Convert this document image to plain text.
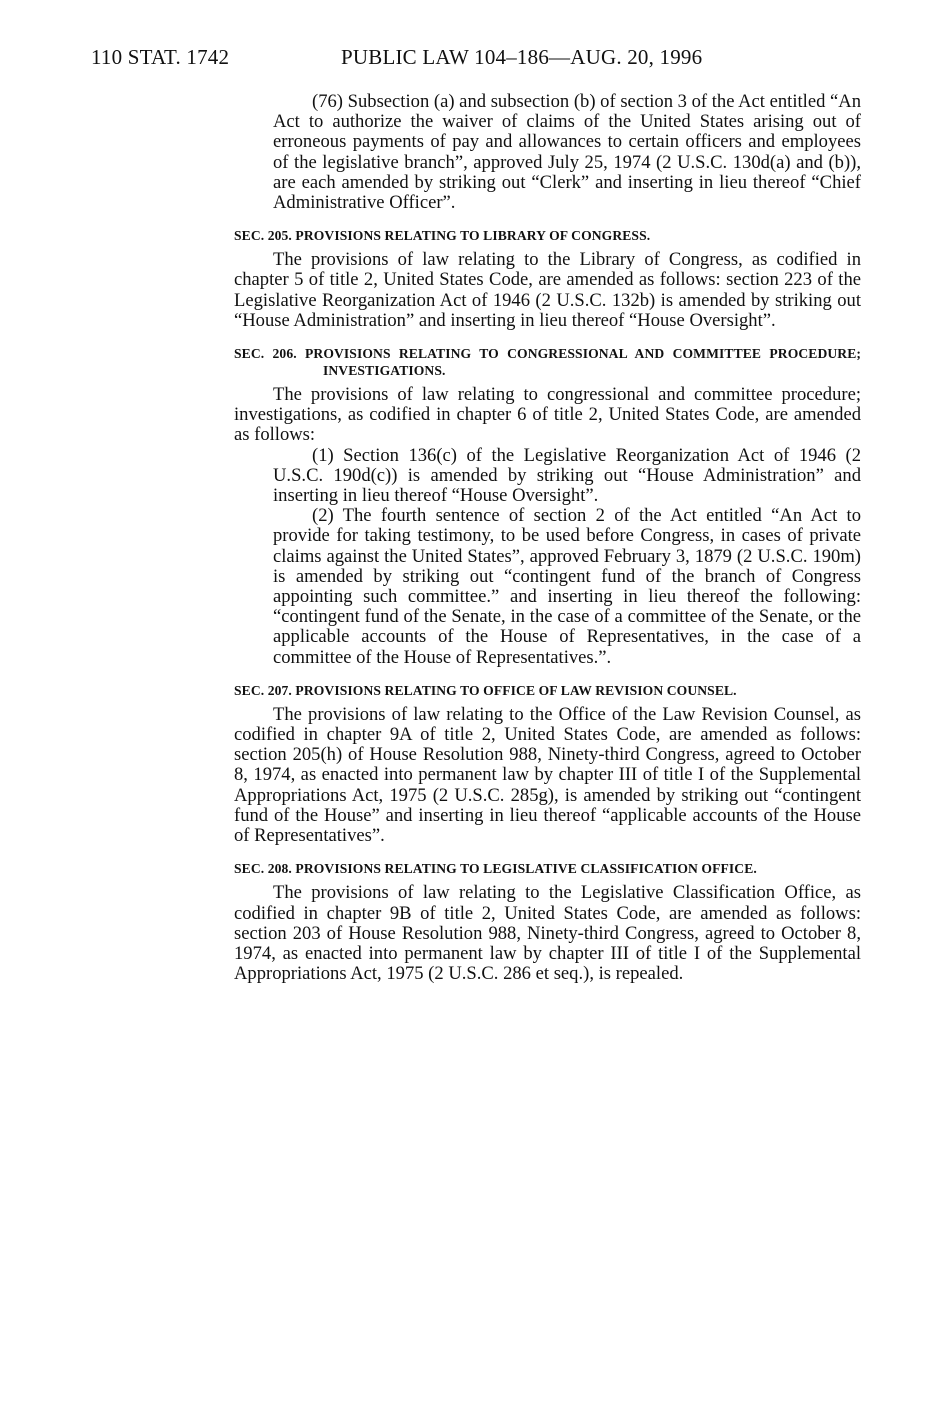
110 STAT. 1742	PUBLIC LAW 104–186—AUG. 20, 1996

(76) Subsection (a) and subsection (b) of section 3 of the Act entitled “An Act to authorize the waiver of claims of the United States arising out of erroneous payments of pay and allowances to certain officers and employees of the legislative branch”, approved July 25, 1974 (2 U.S.C. 130d(a) and (b)), are each amended by striking out “Clerk” and inserting in lieu thereof “Chief Administrative Officer”.

SEC. 205. PROVISIONS RELATING TO LIBRARY OF CONGRESS.

The provisions of law relating to the Library of Congress, as codified in chapter 5 of title 2, United States Code, are amended as follows: section 223 of the Legislative Reorganization Act of 1946 (2 U.S.C. 132b) is amended by striking out “House Administration” and inserting in lieu thereof “House Oversight”.

SEC. 206. PROVISIONS RELATING TO CONGRESSIONAL AND COMMITTEE PROCEDURE; INVESTIGATIONS.

The provisions of law relating to congressional and committee procedure; investigations, as codified in chapter 6 of title 2, United States Code, are amended as follows:

(1) Section 136(c) of the Legislative Reorganization Act of 1946 (2 U.S.C. 190d(c)) is amended by striking out “House Administration” and inserting in lieu thereof “House Oversight”.

(2) The fourth sentence of section 2 of the Act entitled “An Act to provide for taking testimony, to be used before Congress, in cases of private claims against the United States”, approved February 3, 1879 (2 U.S.C. 190m) is amended by striking out “contingent fund of the branch of Congress appointing such committee.” and inserting in lieu thereof the following: “contingent fund of the Senate, in the case of a committee of the Senate, or the applicable accounts of the House of Representatives, in the case of a committee of the House of Representatives.”.

SEC. 207. PROVISIONS RELATING TO OFFICE OF LAW REVISION COUNSEL.

The provisions of law relating to the Office of the Law Revision Counsel, as codified in chapter 9A of title 2, United States Code, are amended as follows: section 205(h) of House Resolution 988, Ninety-third Congress, agreed to October 8, 1974, as enacted into permanent law by chapter III of title I of the Supplemental Appropriations Act, 1975 (2 U.S.C. 285g), is amended by striking out “contingent fund of the House” and inserting in lieu thereof “applicable accounts of the House of Representatives”.

SEC. 208. PROVISIONS RELATING TO LEGISLATIVE CLASSIFICATION OFFICE.

The provisions of law relating to the Legislative Classification Office, as codified in chapter 9B of title 2, United States Code, are amended as follows: section 203 of House Resolution 988, Ninety-third Congress, agreed to October 8, 1974, as enacted into permanent law by chapter III of title I of the Supplemental Appropriations Act, 1975 (2 U.S.C. 286 et seq.), is repealed.
